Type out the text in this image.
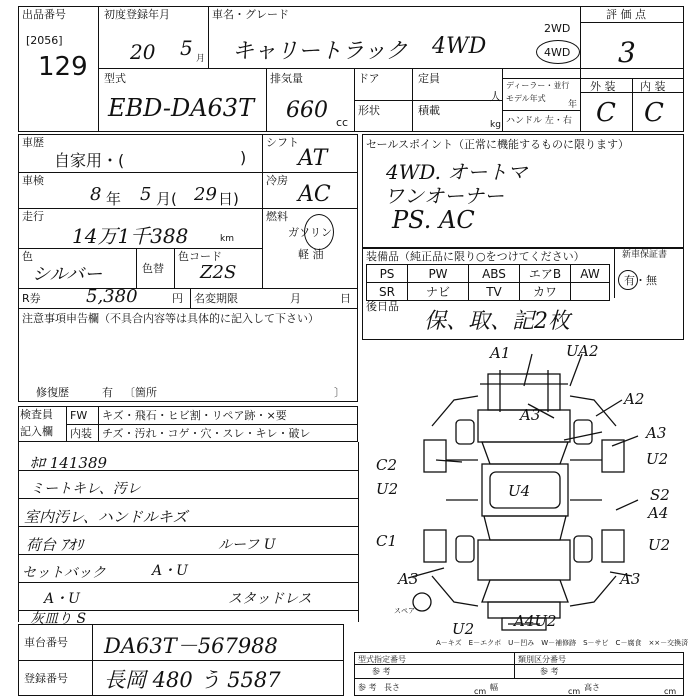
出品番号
[2056]
129
初度登録年月
20 5 月
車名・グレード
キャリートラック 4WD
2WD
4WD
評 価 点
3
型式
EBD-DA63T
排気量
660 cc
ドア	定員
人
形状	積載
kg
ディーラー・並行
モデル年式
年
ハンドル 左・右
外 装 内 装
C C
車歴
自家用・(	)
シフト
AT
車検
8 年 5 月( 29 日)
冷房
AC
走行
14万1千388	km
燃料
ガソリン
軽 油
色
シルバー	色替
色コード
Z2S
R券	5,380	円 名変期限	月	日
注意事項申告欄（不具合内容等は具体的に記入して下さい）
修復歴	有 〔箇所	〕
セールスポイント（正常に機能するものに限ります）
4WD. オートマ
ワンオーナー
PS. AC
装備品（純正品に限り○をつけてください）	新車保証書
有・無
PS	PW	ABS	エアB	AW
SR	ナビ	TV	カワ	
後日品
保、取、記2枚
検査員
記入欄
FW キズ・飛石・ヒビ割・リペア跡・×要
内装 チズ・汚れ・コゲ・穴・スレ・キレ・破レ
ﾎﾛ 141389
ミートキレ、汚レ
室内汚レ、ハンドルキズ
荷台 ｱｵﾘ	ルーフ U
セットバック	A・U
A・U	スタッドレス
灰皿り S
A1	UA2
A2
A3
A3
U2
C2
U2	U4	S2
A4
C1	U2
A3	A3
U2	A4U2
スペア
A－キズ　E－エクボ　U－凹み　W－補修跡　S－サビ　C－腐食　××－交換済
車台番号 DA63T－567988
登録番号 長岡 480 う 5587
型式指定番号
参 考
類別区分番号
参 考
参 考 長さ	cm 幅	cm 高さ	cm
